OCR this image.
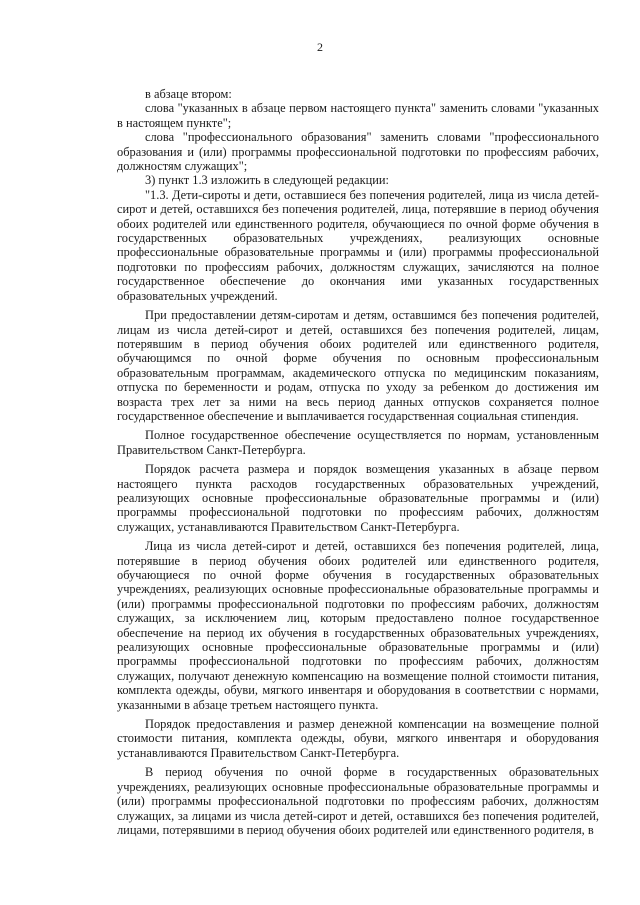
2

в абзаце втором:

слова "указанных в абзаце первом настоящего пункта" заменить словами "указанных в настоящем пункте";

слова "профессионального образования" заменить словами "профессионального образования и (или) программы профессиональной подготовки по профессиям рабочих, должностям служащих";

3) пункт 1.3 изложить в следующей редакции:

"1.3. Дети-сироты и дети, оставшиеся без попечения родителей, лица из числа детей-сирот и детей, оставшихся без попечения родителей, лица, потерявшие в период обучения обоих родителей или единственного родителя, обучающиеся по очной форме обучения в государственных образовательных учреждениях, реализующих основные профессиональные образовательные программы и (или) программы профессиональной подготовки по профессиям рабочих, должностям служащих, зачисляются на полное государственное обеспечение до окончания ими указанных государственных образовательных учреждений.

При предоставлении детям-сиротам и детям, оставшимся без попечения родителей, лицам из числа детей-сирот и детей, оставшихся без попечения родителей, лицам, потерявшим в период обучения обоих родителей или единственного родителя, обучающимся по очной форме обучения по основным профессиональным образовательным программам, академического отпуска по медицинским показаниям, отпуска по беременности и родам, отпуска по уходу за ребенком до достижения им возраста трех лет за ними на весь период данных отпусков сохраняется полное государственное обеспечение и выплачивается государственная социальная стипендия.

Полное государственное обеспечение осуществляется по нормам, установленным Правительством Санкт-Петербурга.

Порядок расчета размера и порядок возмещения указанных в абзаце первом настоящего пункта расходов государственных образовательных учреждений, реализующих основные профессиональные образовательные программы и (или) программы профессиональной подготовки по профессиям рабочих, должностям служащих, устанавливаются Правительством Санкт-Петербурга.

Лица из числа детей-сирот и детей, оставшихся без попечения родителей, лица, потерявшие в период обучения обоих родителей или единственного родителя, обучающиеся по очной форме обучения в государственных образовательных учреждениях, реализующих основные профессиональные образовательные программы и (или) программы профессиональной подготовки по профессиям рабочих, должностям служащих, за исключением лиц, которым предоставлено полное государственное обеспечение на период их обучения в государственных образовательных учреждениях, реализующих основные профессиональные образовательные программы и (или) программы профессиональной подготовки по профессиям рабочих, должностям служащих, получают денежную компенсацию на возмещение полной стоимости питания, комплекта одежды, обуви, мягкого инвентаря и оборудования в соответствии с нормами, указанными в абзаце третьем настоящего пункта.

Порядок предоставления и размер денежной компенсации на возмещение полной стоимости питания, комплекта одежды, обуви, мягкого инвентаря и оборудования устанавливаются Правительством Санкт-Петербурга.

В период обучения по очной форме в государственных образовательных учреждениях, реализующих основные профессиональные образовательные программы и (или) программы профессиональной подготовки по профессиям рабочих, должностям служащих, за лицами из числа детей-сирот и детей, оставшихся без попечения родителей, лицами, потерявшими в период обучения обоих родителей или единственного родителя, в
